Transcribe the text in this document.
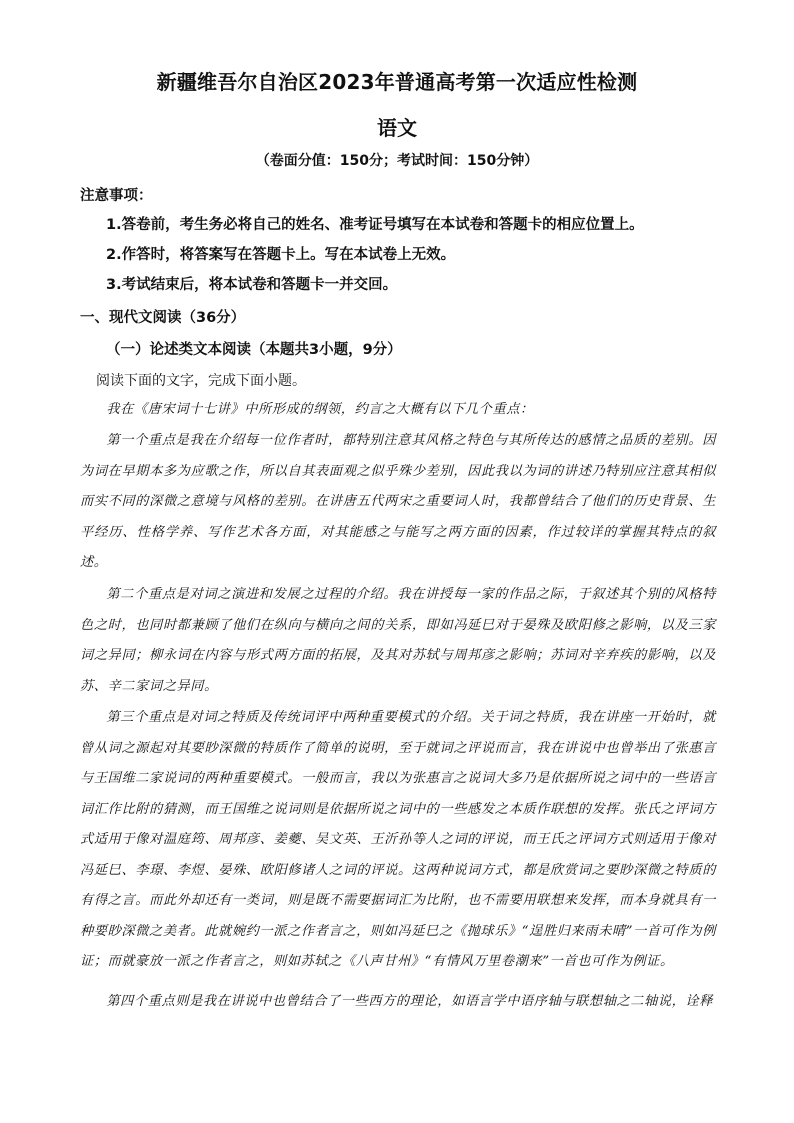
新疆维吾尔自治区2023年普通高考第一次适应性检测
语文
（卷面分值：150分；考试时间：150分钟）
注意事项：
1.答卷前，考生务必将自己的姓名、准考证号填写在本试卷和答题卡的相应位置上。
2.作答时，将答案写在答题卡上。写在本试卷上无效。
3.考试结束后，将本试卷和答题卡一并交回。
一、现代文阅读（36分）
（一）论述类文本阅读（本题共3小题，9分）
阅读下面的文字，完成下面小题。
我在《唐宋词十七讲》中所形成的纲领，约言之大概有以下几个重点：
第一个重点是我在介绍每一位作者时，都特别注意其风格之特色与其所传达的感情之品质的差别。因为词在早期本多为应歌之作，所以自其表面观之似乎殊少差别，因此我以为词的讲述乃特别应注意其相似而实不同的深微之意境与风格的差别。在讲唐五代两宋之重要词人时，我都曾结合了他们的历史背景、生平经历、性格学养、写作艺术各方面，对其能感之与能写之两方面的因素，作过较详的掌握其特点的叙述。
第二个重点是对词之演进和发展之过程的介绍。我在讲授每一家的作品之际，于叙述其个别的风格特色之时，也同时都兼顾了他们在纵向与横向之间的关系，即如冯延巳对于晏殊及欧阳修之影响，以及三家词之异同；柳永词在内容与形式两方面的拓展，及其对苏轼与周邦彦之影响；苏词对辛弃疾的影响，以及苏、辛二家词之异同。
第三个重点是对词之特质及传统词评中两种重要模式的介绍。关于词之特质，我在讲座一开始时，就曾从词之源起对其要眇深微的特质作了简单的说明，至于就词之评说而言，我在讲说中也曾举出了张惠言与王国维二家说词的两种重要模式。一般而言，我以为张惠言之说词大多乃是依据所说之词中的一些语言词汇作比附的猜测，而王国维之说词则是依据所说之词中的一些感发之本质作联想的发挥。张氏之评词方式适用于像对温庭筠、周邦彦、姜夔、吴文英、王沂孙等人之词的评说，而王氏之评词方式则适用于像对冯延巳、李璟、李煜、晏殊、欧阳修诸人之词的评说。这两种说词方式，都是欣赏词之要眇深微之特质的有得之言。而此外却还有一类词，则是既不需要据词汇为比附，也不需要用联想来发挥，而本身就具有一种要眇深微之美者。此就婉约一派之作者言之，则如冯延巳之《抛球乐》“逞胜归来雨未晴”一首可作为例证；而就豪放一派之作者言之，则如苏轼之《八声甘州》“有情风万里卷潮来”一首也可作为例证。
第四个重点则是我在讲说中也曾结合了一些西方的理论，如语言学中语序轴与联想轴之二轴说，诠释
